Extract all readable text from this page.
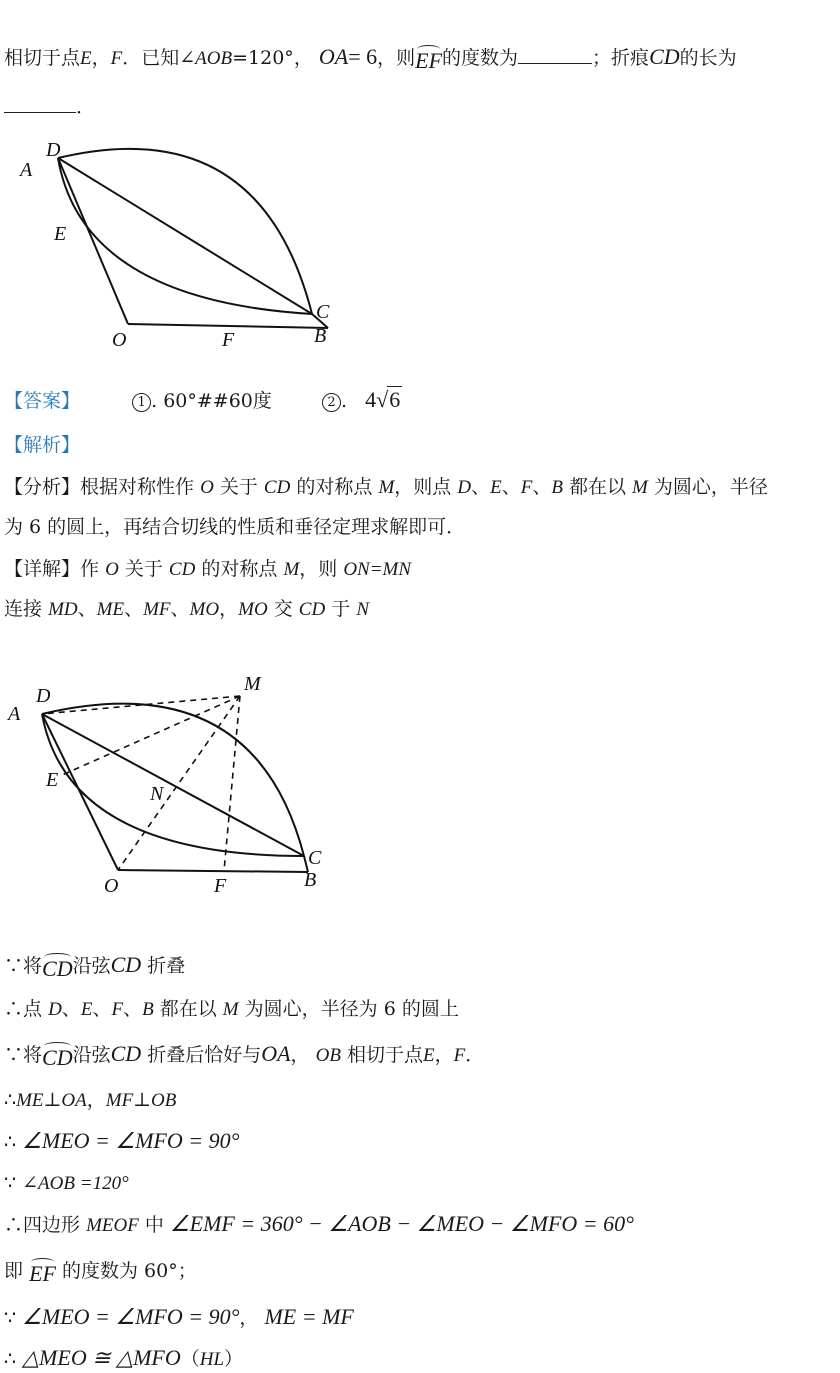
相切于点E，F．已知∠AOB=120°， OA= 6，则EF的度数为	；折痕CD的长为
．
A
D
E
O	F
C
B
【答案】	1 . 60°##60度	2 . 4√6
【解析】
【分析】根据对称性作 O 关于 CD 的对称点 M，则点 D、E、F、B 都在以 M 为圆心，半径
为 6 的圆上，再结合切线的性质和垂径定理求解即可．
【详解】作 O 关于 CD 的对称点 M，则 ON=MN
连接 MD、ME、MF、MO，MO 交 CD 于 N
A
D
M
E
N
O	F
C
B
∵将CD沿弦CD 折叠
∴点 D、E、F、B 都在以 M 为圆心，半径为 6 的圆上
∵将CD沿弦CD 折叠后恰好与OA， OB 相切于点E，F．
∴ME⊥OA，MF⊥OB
∴ ∠MEO = ∠MFO = 90°
∵ ∠AOB =120°
∴四边形 MEOF 中 ∠EMF = 360° − ∠AOB − ∠MEO − ∠MFO = 60°
即 EF 的度数为 60°；
∵ ∠MEO = ∠MFO = 90°， ME = MF
∴ △MEO ≅ △MFO（HL）
